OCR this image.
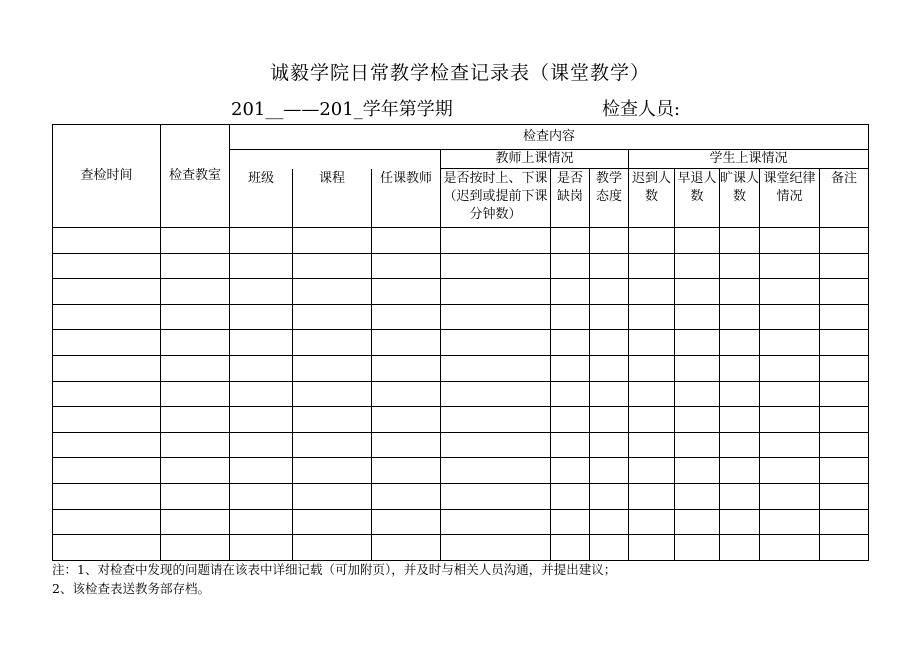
诚毅学院日常教学检查记录表（课堂教学）
201__——201_学年第学期	检查人员:
查检时间	检查教室	检查内容										
					教师上课情况			学生上课情况				
		班级	课程	任课教师	是否按时上、下课（迟到或提前下课分钟数）	是否缺岗	教学态度	迟到人数	早退人数	旷课人数	课堂纪律情况	备注

注：1、对检查中发现的问题请在该表中详细记载（可加附页），并及时与相关人员沟通，并提出建议；
2、该检查表送教务部存档。
